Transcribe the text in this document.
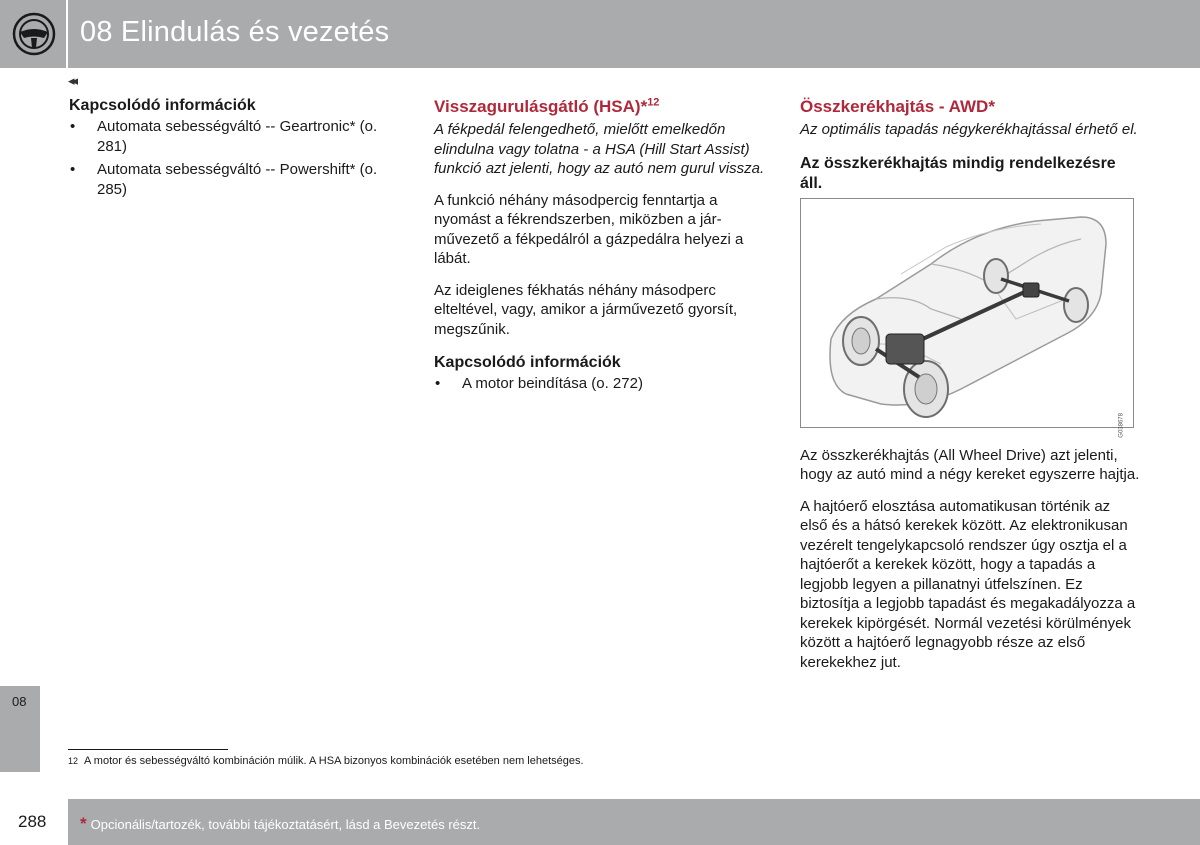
08 Elindulás és vezetés
◂◂
Kapcsolódó információk
• Automata sebességváltó -- Geartronic* (o. 281)
• Automata sebességváltó -- Powershift* (o. 285)
Visszagurulásgátló (HSA)*$^{12}$
A fékpedál felengedhető, mielőtt emelkedőn elindulna vagy tolatna - a HSA (Hill Start Assist) funkció azt jelenti, hogy az autó nem gurul vissza.
A funkció néhány másodpercig fenntartja a nyomást a fékrendszerben, miközben a járművezető a fékpedálról a gázpedálra helyezi a lábát.
Az ideiglenes fékhatás néhány másodperc elteltével, vagy, amikor a járművezető gyorsít, megszűnik.
Kapcsolódó információk
• A motor beindítása (o. 272)
Összkerékhajtás - AWD*
Az optimális tapadás négykerékhajtással érhető el.
Az összkerékhajtás mindig rendelkezésre áll.
G038678
Az összkerékhajtás (All Wheel Drive) azt jelenti, hogy az autó mind a négy kereket egyszerre hajtja.
A hajtóerő elosztása automatikusan történik az első és a hátsó kerekek között. Az elektronikusan vezérelt tengelykapcsoló rendszer úgy osztja el a hajtóerőt a kerekek között, hogy a tapadás a legjobb legyen a pillanatnyi útfelszínen. Ez biztosítja a legjobb tapadást és megakadályozza a kerekek kipörgését. Normál vezetési körülmények között a hajtóerő legnagyobb része az első kerekekhez jut.
08
12 A motor és sebességváltó kombináción múlik. A HSA bizonyos kombinációk esetében nem lehetséges.
288 * Opcionális/tartozék, további tájékoztatásért, lásd a Bevezetés részt.
